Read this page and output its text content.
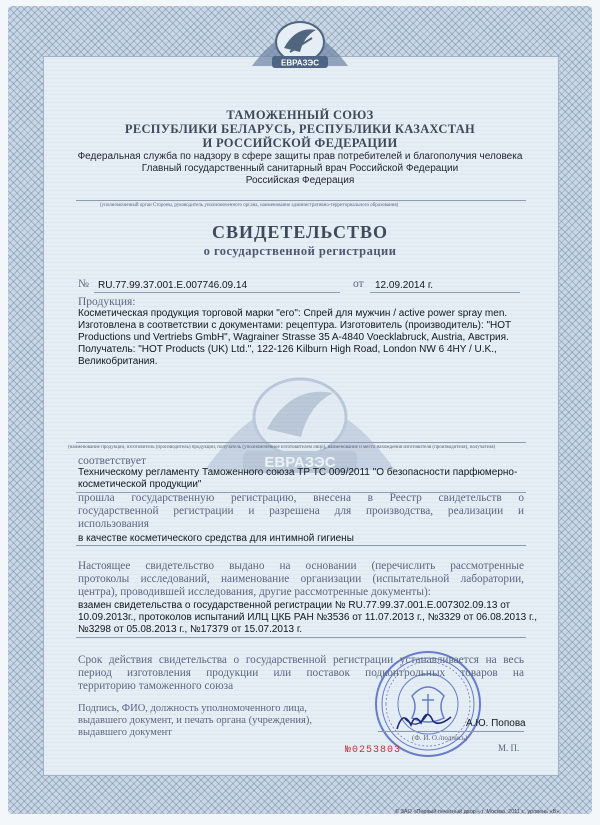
ЕВРАЗЭС
ТАМОЖЕННЫЙ СОЮЗ
РЕСПУБЛИКИ БЕЛАРУСЬ, РЕСПУБЛИКИ КАЗАХСТАН
И РОССИЙСКОЙ ФЕДЕРАЦИИ
Федеральная служба по надзору в сфере защиты прав потребителей и благополучия человека
Главный государственный санитарный врач Российской Федерации
Российская Федерация
(уполномоченный орган Стороны, руководитель уполномоченного органа, наименование административно-территориального образования)
СВИДЕТЕЛЬСТВО
о государственной регистрации
№ RU.77.99.37.001.Е.007746.09.14	от 12.09.2014 г.
Продукция:
Косметическая продукция торговой марки "его": Спрей для мужчин / active power spray men.
Изготовлена в соответствии с документами: рецептура. Изготовитель (производитель): "HOT
Productions und Vertriebs GmbH", Wagrainer Strasse 35 A-4840 Voecklabruck, Austria, Австрия.
Получатель: "HOT Products (UK) Ltd.", 122-126 Kilburn High Road, London NW 6 4HY / U.K.,
Великобритания.
ЕВРАЗЭС
(наименование продукции, изготовитель (производитель) продукции, получатель (уполномоченное изготовителем лицо), наименование и место нахождения изготовителя (производителя), получателя)
соответствует
Техническому регламенту Таможенного союза ТР ТС 009/2011 "О безопасности парфюмерно-
косметической продукции"
прошла государственную регистрацию, внесена в Реестр свидетельств о
государственной регистрации и разрешена для производства, реализации и
использования
в качестве косметического средства для интимной гигиены
Настоящее свидетельство выдано на основании (перечислить рассмотренные
протоколы исследований, наименование организации (испытательной лаборатории,
центра), проводившей исследования, другие рассмотренные документы):
взамен свидетельства о государственной регистрации № RU.77.99.37.001.Е.007302.09.13 от
10.09.2013г., протоколов испытаний ИЛЦ ЦКБ РАН №3536 от 11.07.2013 г., №3329 от 06.08.2013 г.,
№3298 от 05.08.2013 г., №17379 от 15.07.2013 г.
Срок действия свидетельства о государственной регистрации устанавливается на весь
период изготовления продукции или поставок подконтрольных товаров на
территорию таможенного союза
Подпись, ФИО, должность уполномоченного лица,
выдавшего документ, и печать органа (учреждения),
выдавшего документ
А.Ю. Попова
(Ф. И. О./подпись)
М. П.
№0253803
© ЗАО «Первый печатный двор», г. Москва, 2011 г., уровень «В».
